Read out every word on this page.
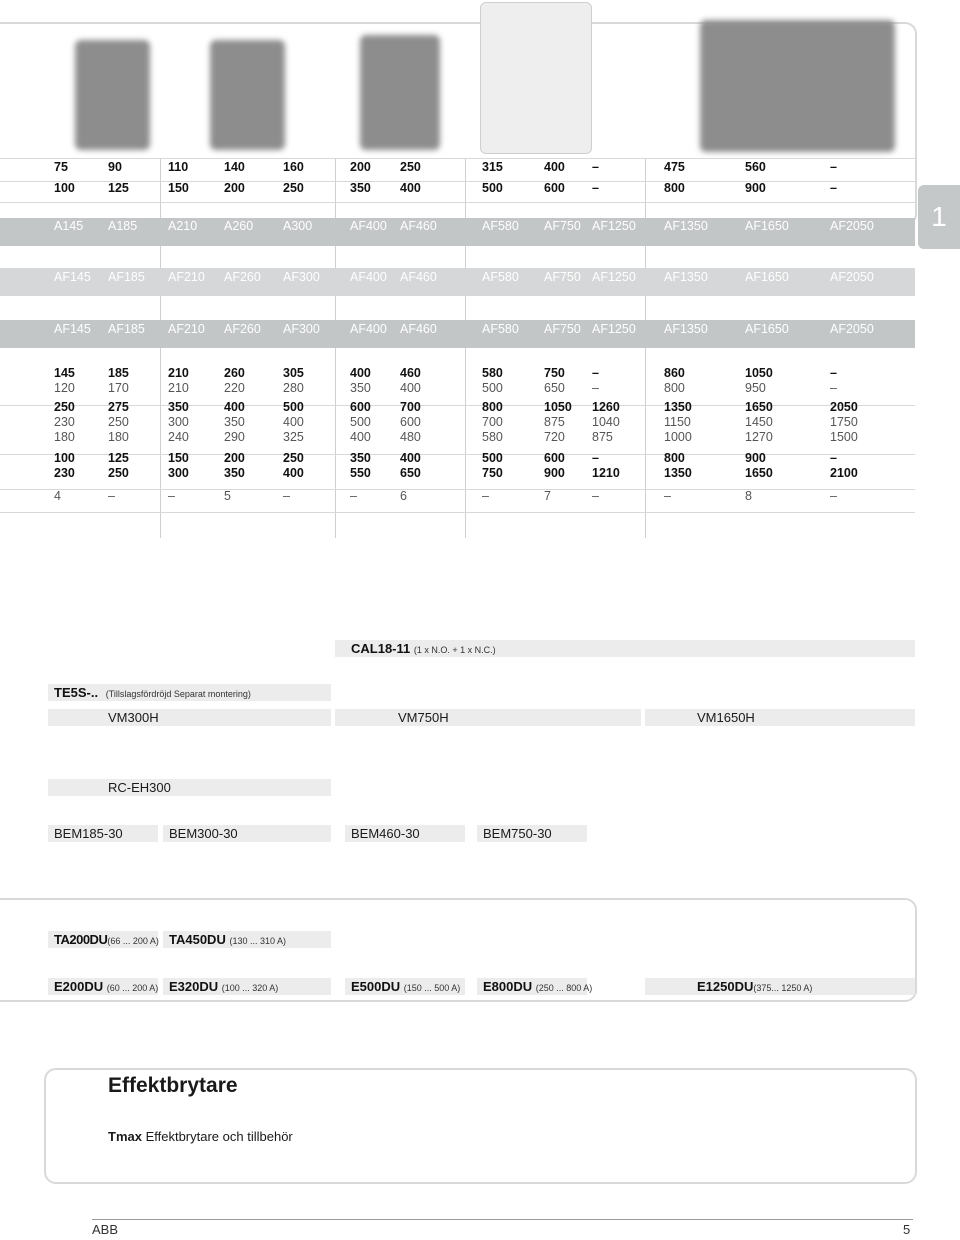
1
75	90	110	140	160	200 250	315	400 –	475	560	–
100	125	150	200	250	350 400	500	600 –	800	900	–
A145 A185 A210 A260 A300	AF400 AF460	AF580 AF750 AF1250 AF1350	AF1650	AF2050
AF145 AF185 AF210 AF260 AF300 AF400 AF460	AF580 AF750 AF1250 AF1350	AF1650	AF2050
AF145 AF185 AF210 AF260 AF300 AF400 AF460	AF580 AF750 AF1250 AF1350	AF1650	AF2050
145	185	210	260	305	400 460	580	750 –	860	1050	–
120	170	210	220	280	350 400	500	650 –	800	950	–
250	275	350	400	500	600 700	800	1050 1260	1350	1650	2050
230	250	300	350	400	500 600	700	875 1040	1150	1450	1750
180	180	240	290	325	400 480	580	720 875	1000	1270	1500
100	125	150	200	250	350 400	500	600 –	800	900	–
230	250	300	350	400	550 650	750	900 1210	1350	1650	2100
4	–	–	5	–	–	6	–	7	–	–	8	–
CAL18-11 (1 x N.O. + 1 x N.C.)
TE5S-.. (Tillslagsfördröjd Separat montering)
VM300H	VM750H	VM1650H
RC-EH300
BEM185-30	BEM300-30	BEM460-30	BEM750-30
TA200DU(66 ... 200 A) TA450DU (130 ... 310 A)
E200DU (60 ... 200 A) E320DU (100 ... 320 A)	E500DU (150 ... 500 A)	E800DU (250 ... 800 A)	E1250DU(375... 1250 A)
Effektbrytare
Tmax Effektbrytare och tillbehör
ABB	5
